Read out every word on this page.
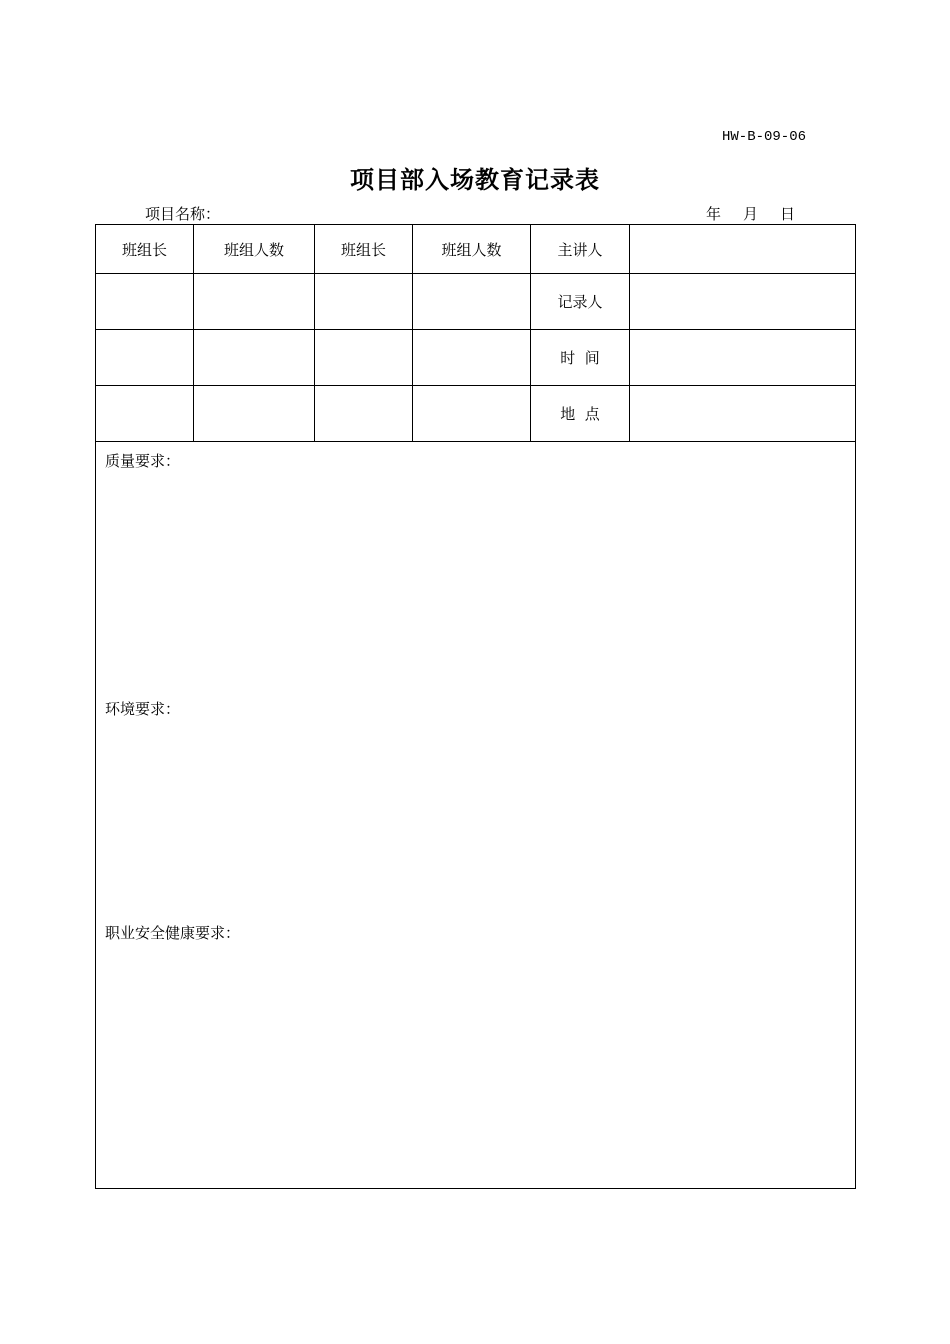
HW-B-09-06
项目部入场教育记录表
项目名称：	年 月 日
班组长	班组人数	班组长	班组人数	主讲人	
				记录人	
				时  间	
				地  点	

质量要求：
环境要求：
职业安全健康要求：					
